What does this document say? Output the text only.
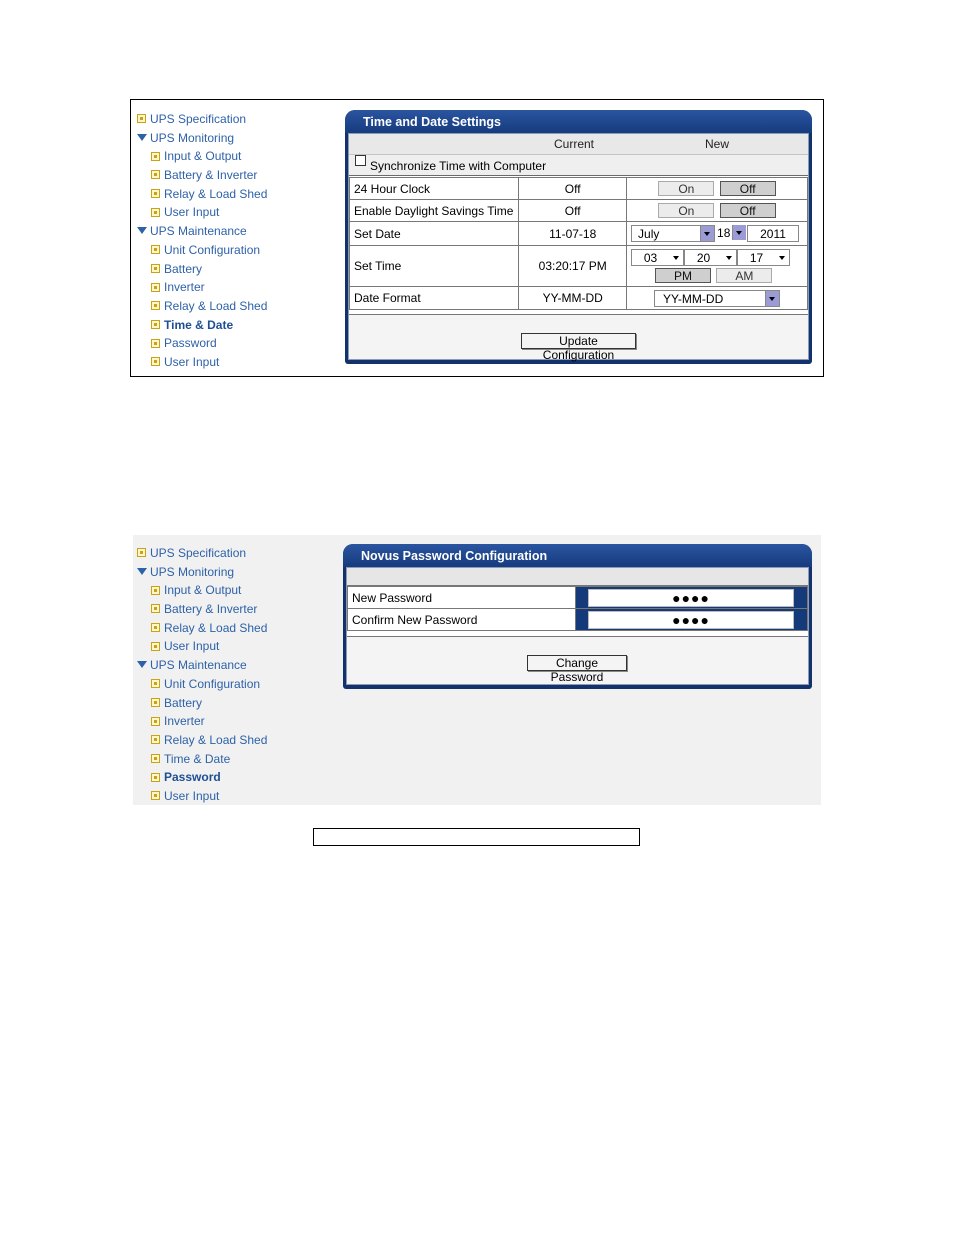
UPS Specification
UPS Monitoring
Input & Output
Battery & Inverter
Relay & Load Shed
User Input
UPS Maintenance
Unit Configuration
Battery
Inverter
Relay & Load Shed
Time & Date
Password
User Input
Time and Date Settings
Current	New
Synchronize Time with Computer
24 Hour Clock	Off	On Off
Enable Daylight Savings Time	Off	On Off
Set Date	11-07-18	July 18 2011
Set Time	03:20:17 PM	03 20 17
PM AM

Date Format	YY-MM-DD	YY-MM-DD
Update Configuration
UPS Specification
UPS Monitoring
Input & Output
Battery & Inverter
Relay & Load Shed
User Input
UPS Maintenance
Unit Configuration
Battery
Inverter
Relay & Load Shed
Time & Date
Password
User Input
Novus Password Configuration
New Password	●●●●

Confirm New Password	●●●●
Change Password
